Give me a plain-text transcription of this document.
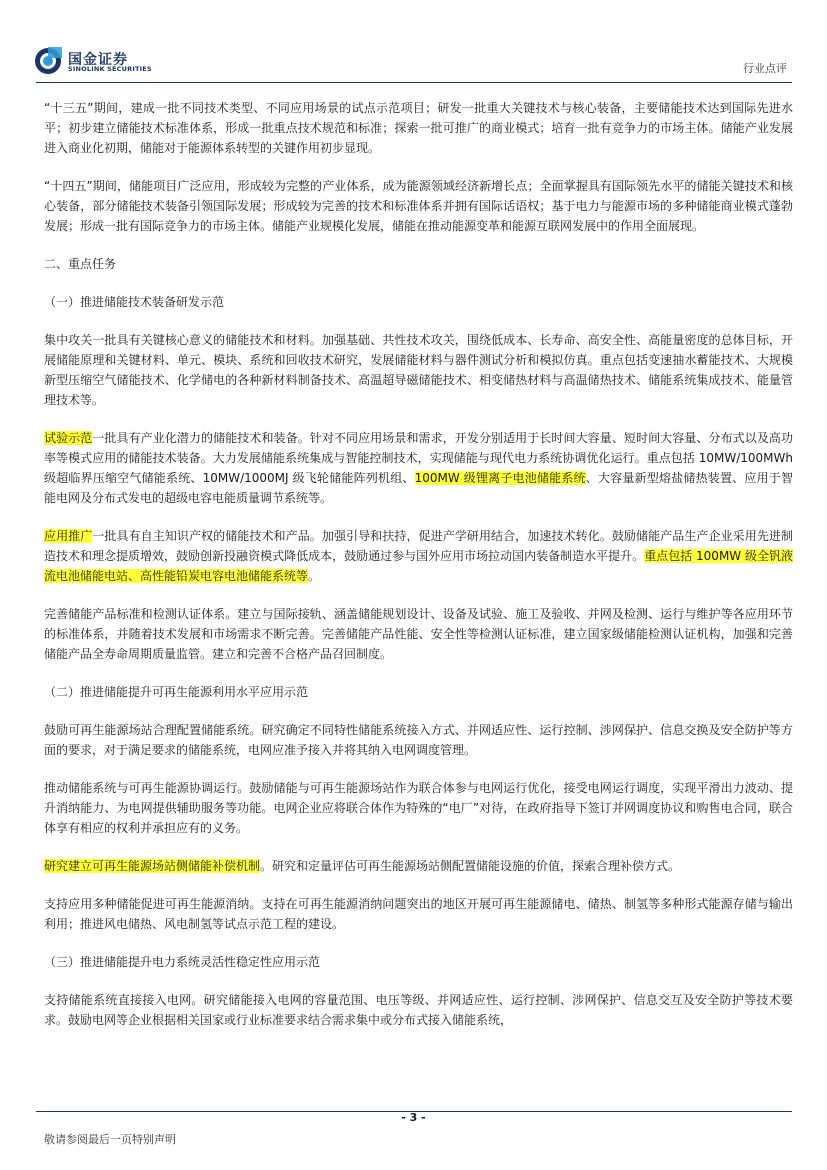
国金证券
SINOLINK SECURITIES	行业点评

“十三五”期间，建成一批不同技术类型、不同应用场景的试点示范项目；研发一批重大关键技术与核心装备，主要储能技术达到国际先进水平；初步建立储能技术标准体系，形成一批重点技术规范和标准；探索一批可推广的商业模式；培育一批有竞争力的市场主体。储能产业发展进入商业化初期，储能对于能源体系转型的关键作用初步显现。

“十四五”期间，储能项目广泛应用，形成较为完整的产业体系，成为能源领域经济新增长点；全面掌握具有国际领先水平的储能关键技术和核心装备，部分储能技术装备引领国际发展；形成较为完善的技术和标准体系并拥有国际话语权；基于电力与能源市场的多种储能商业模式蓬勃发展；形成一批有国际竞争力的市场主体。储能产业规模化发展，储能在推动能源变革和能源互联网发展中的作用全面展现。

二、重点任务

（一）推进储能技术装备研发示范

集中攻关一批具有关键核心意义的储能技术和材料。加强基础、共性技术攻关，围绕低成本、长寿命、高安全性、高能量密度的总体目标，开展储能原理和关键材料、单元、模块、系统和回收技术研究，发展储能材料与器件测试分析和模拟仿真。重点包括变速抽水蓄能技术、大规模新型压缩空气储能技术、化学储电的各种新材料制备技术、高温超导磁储能技术、相变储热材料与高温储热技术、储能系统集成技术、能量管理技术等。

试验示范一批具有产业化潜力的储能技术和装备。针对不同应用场景和需求，开发分别适用于长时间大容量、短时间大容量、分布式以及高功率等模式应用的储能技术装备。大力发展储能系统集成与智能控制技术，实现储能与现代电力系统协调优化运行。重点包括 10MW/100MWh 级超临界压缩空气储能系统、10MW/1000MJ 级飞轮储能阵列机组、100MW 级锂离子电池储能系统、大容量新型熔盐储热装置、应用于智能电网及分布式发电的超级电容电能质量调节系统等。

应用推广一批具有自主知识产权的储能技术和产品。加强引导和扶持，促进产学研用结合，加速技术转化。鼓励储能产品生产企业采用先进制造技术和理念提质增效，鼓励创新投融资模式降低成本，鼓励通过参与国外应用市场拉动国内装备制造水平提升。重点包括 100MW 级全钒液流电池储能电站、高性能铅炭电容电池储能系统等。

完善储能产品标准和检测认证体系。建立与国际接轨、涵盖储能规划设计、设备及试验、施工及验收、并网及检测、运行与维护等各应用环节的标准体系，并随着技术发展和市场需求不断完善。完善储能产品性能、安全性等检测认证标准，建立国家级储能检测认证机构，加强和完善储能产品全寿命周期质量监管。建立和完善不合格产品召回制度。

（二）推进储能提升可再生能源利用水平应用示范

鼓励可再生能源场站合理配置储能系统。研究确定不同特性储能系统接入方式、并网适应性、运行控制、涉网保护、信息交换及安全防护等方面的要求，对于满足要求的储能系统，电网应准予接入并将其纳入电网调度管理。

推动储能系统与可再生能源协调运行。鼓励储能与可再生能源场站作为联合体参与电网运行优化，接受电网运行调度，实现平滑出力波动、提升消纳能力、为电网提供辅助服务等功能。电网企业应将联合体作为特殊的“电厂”对待，在政府指导下签订并网调度协议和购售电合同，联合体享有相应的权利并承担应有的义务。

研究建立可再生能源场站侧储能补偿机制。研究和定量评估可再生能源场站侧配置储能设施的价值，探索合理补偿方式。

支持应用多种储能促进可再生能源消纳。支持在可再生能源消纳问题突出的地区开展可再生能源储电、储热、制氢等多种形式能源存储与输出利用；推进风电储热、风电制氢等试点示范工程的建设。

（三）推进储能提升电力系统灵活性稳定性应用示范

支持储能系统直接接入电网。研究储能接入电网的容量范围、电压等级、并网适应性、运行控制、涉网保护、信息交互及安全防护等技术要求。鼓励电网等企业根据相关国家或行业标准要求结合需求集中或分布式接入储能系统，

- 3 -
敬请参阅最后一页特别声明
